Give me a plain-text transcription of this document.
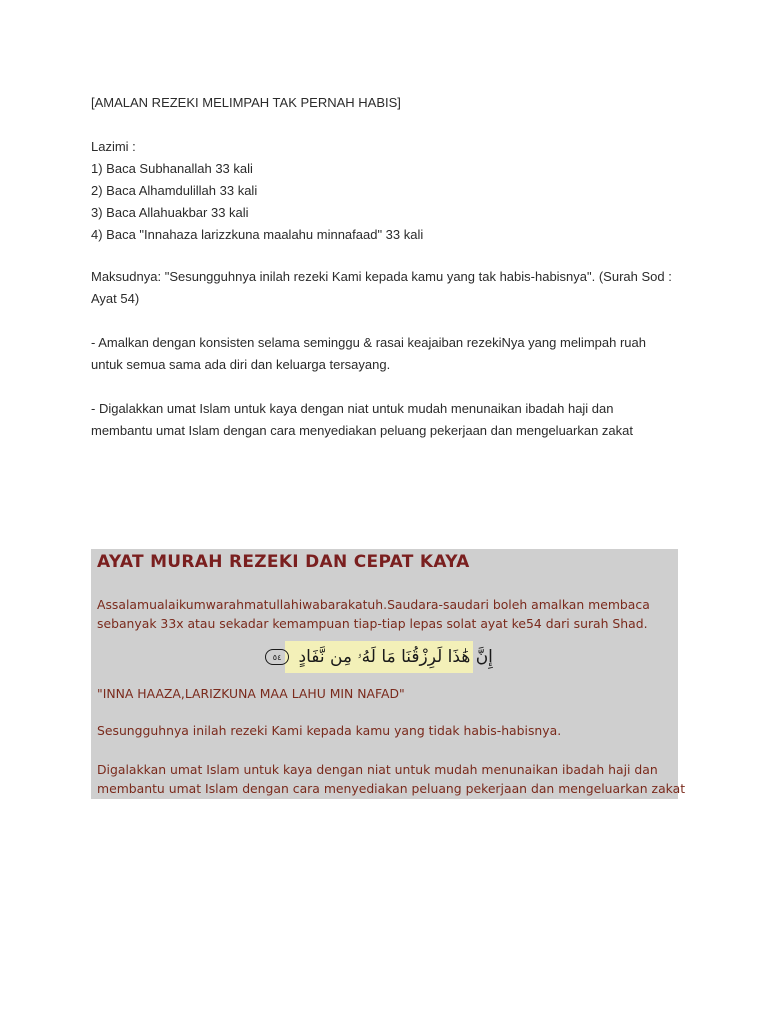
[AMALAN REZEKI MELIMPAH TAK PERNAH HABIS]

Lazimi :

1) Baca Subhanallah 33 kali

2) Baca Alhamdulillah 33 kali

3) Baca Allahuakbar 33 kali

4) Baca "Innahaza larizzkuna maalahu minnafaad" 33 kali

Maksudnya: "Sesungguhnya inilah rezeki Kami kepada kamu yang tak habis-habisnya". (Surah Sod :

Ayat 54)

- Amalkan dengan konsisten selama seminggu & rasai keajaiban rezekiNya yang melimpah ruah

untuk semua sama ada diri dan keluarga tersayang.

- Digalakkan umat Islam untuk kaya dengan niat untuk mudah menunaikan ibadah haji dan

membantu umat Islam dengan cara menyediakan peluang pekerjaan dan mengeluarkan zakat

AYAT MURAH REZEKI DAN CEPAT KAYA

Assalamualaikumwarahmatullahiwabarakatuh.Saudara-saudari boleh amalkan membaca
sebanyak 33x atau sekadar kemampuan tiap-tiap lepas solat ayat ke54 dari surah Shad.

إِنَّ هَٰذَا لَرِزْقُنَا مَا لَهُۥ مِن نَّفَادٍ ٥٤

"INNA HAAZA,LARIZKUNA MAA LAHU MIN NAFAD"

Sesungguhnya inilah rezeki Kami kepada kamu yang tidak habis-habisnya.

Digalakkan umat Islam untuk kaya dengan niat untuk mudah menunaikan ibadah haji dan
membantu umat Islam dengan cara menyediakan peluang pekerjaan dan mengeluarkan zakat
